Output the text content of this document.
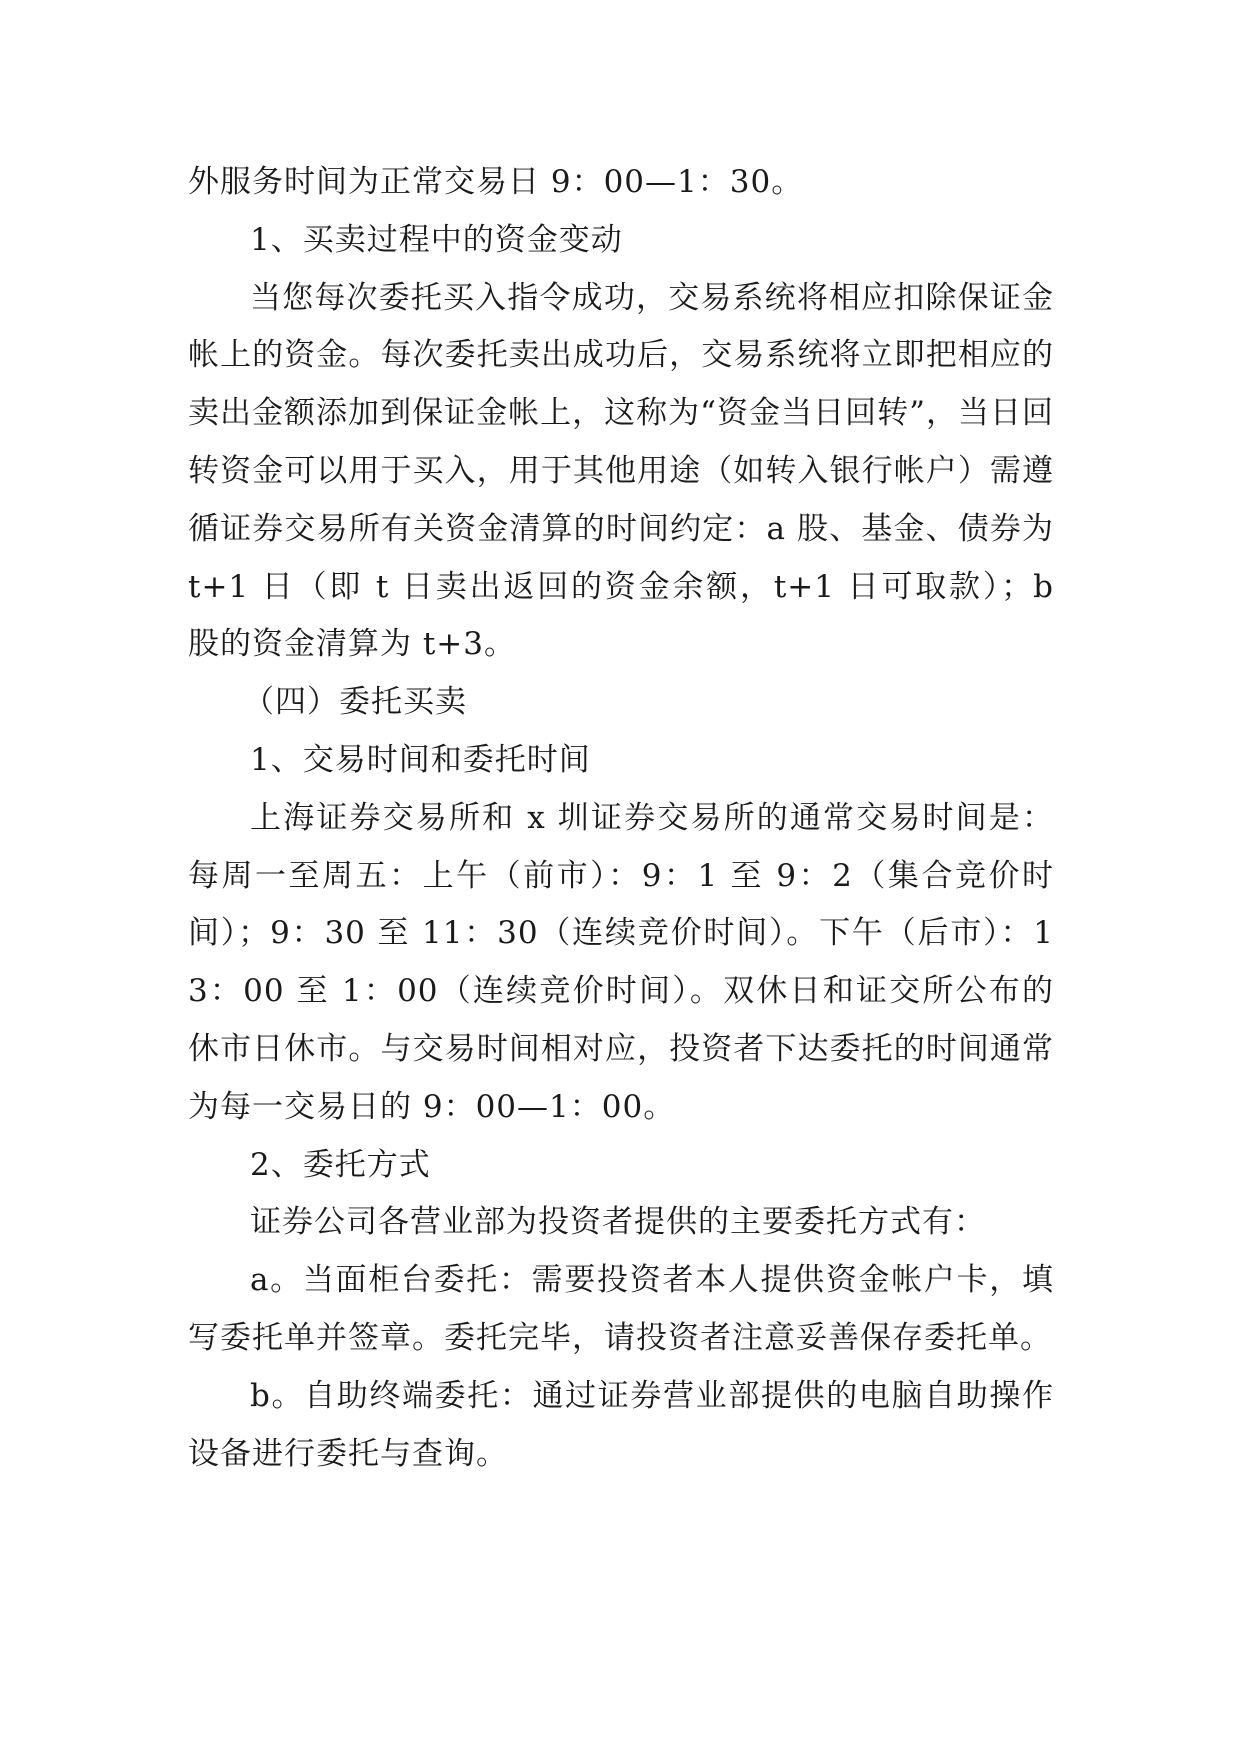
外服务时间为正常交易日 9：00—1：30。

1、买卖过程中的资金变动

当您每次委托买入指令成功，交易系统将相应扣除保证金帐上的资金。每次委托卖出成功后，交易系统将立即把相应的卖出金额添加到保证金帐上，这称为“资金当日回转”，当日回转资金可以用于买入，用于其他用途（如转入银行帐户）需遵循证券交易所有关资金清算的时间约定：a 股、基金、债券为 t+1 日（即 t 日卖出返回的资金余额，t+1 日可取款）；b 股的资金清算为 t+3。

（四）委托买卖

1、交易时间和委托时间

上海证券交易所和 x 圳证券交易所的通常交易时间是：每周一至周五：上午（前市）：9：1 至 9：2（集合竞价时间）；9：30 至 11：30（连续竞价时间）。下午（后市）：13：00 至 1：00（连续竞价时间）。双休日和证交所公布的休市日休市。与交易时间相对应，投资者下达委托的时间通常为每一交易日的 9：00—1：00。

2、委托方式

证券公司各营业部为投资者提供的主要委托方式有：

a。当面柜台委托：需要投资者本人提供资金帐户卡，填写委托单并签章。委托完毕，请投资者注意妥善保存委托单。

b。自助终端委托：通过证券营业部提供的电脑自助操作设备进行委托与查询。
